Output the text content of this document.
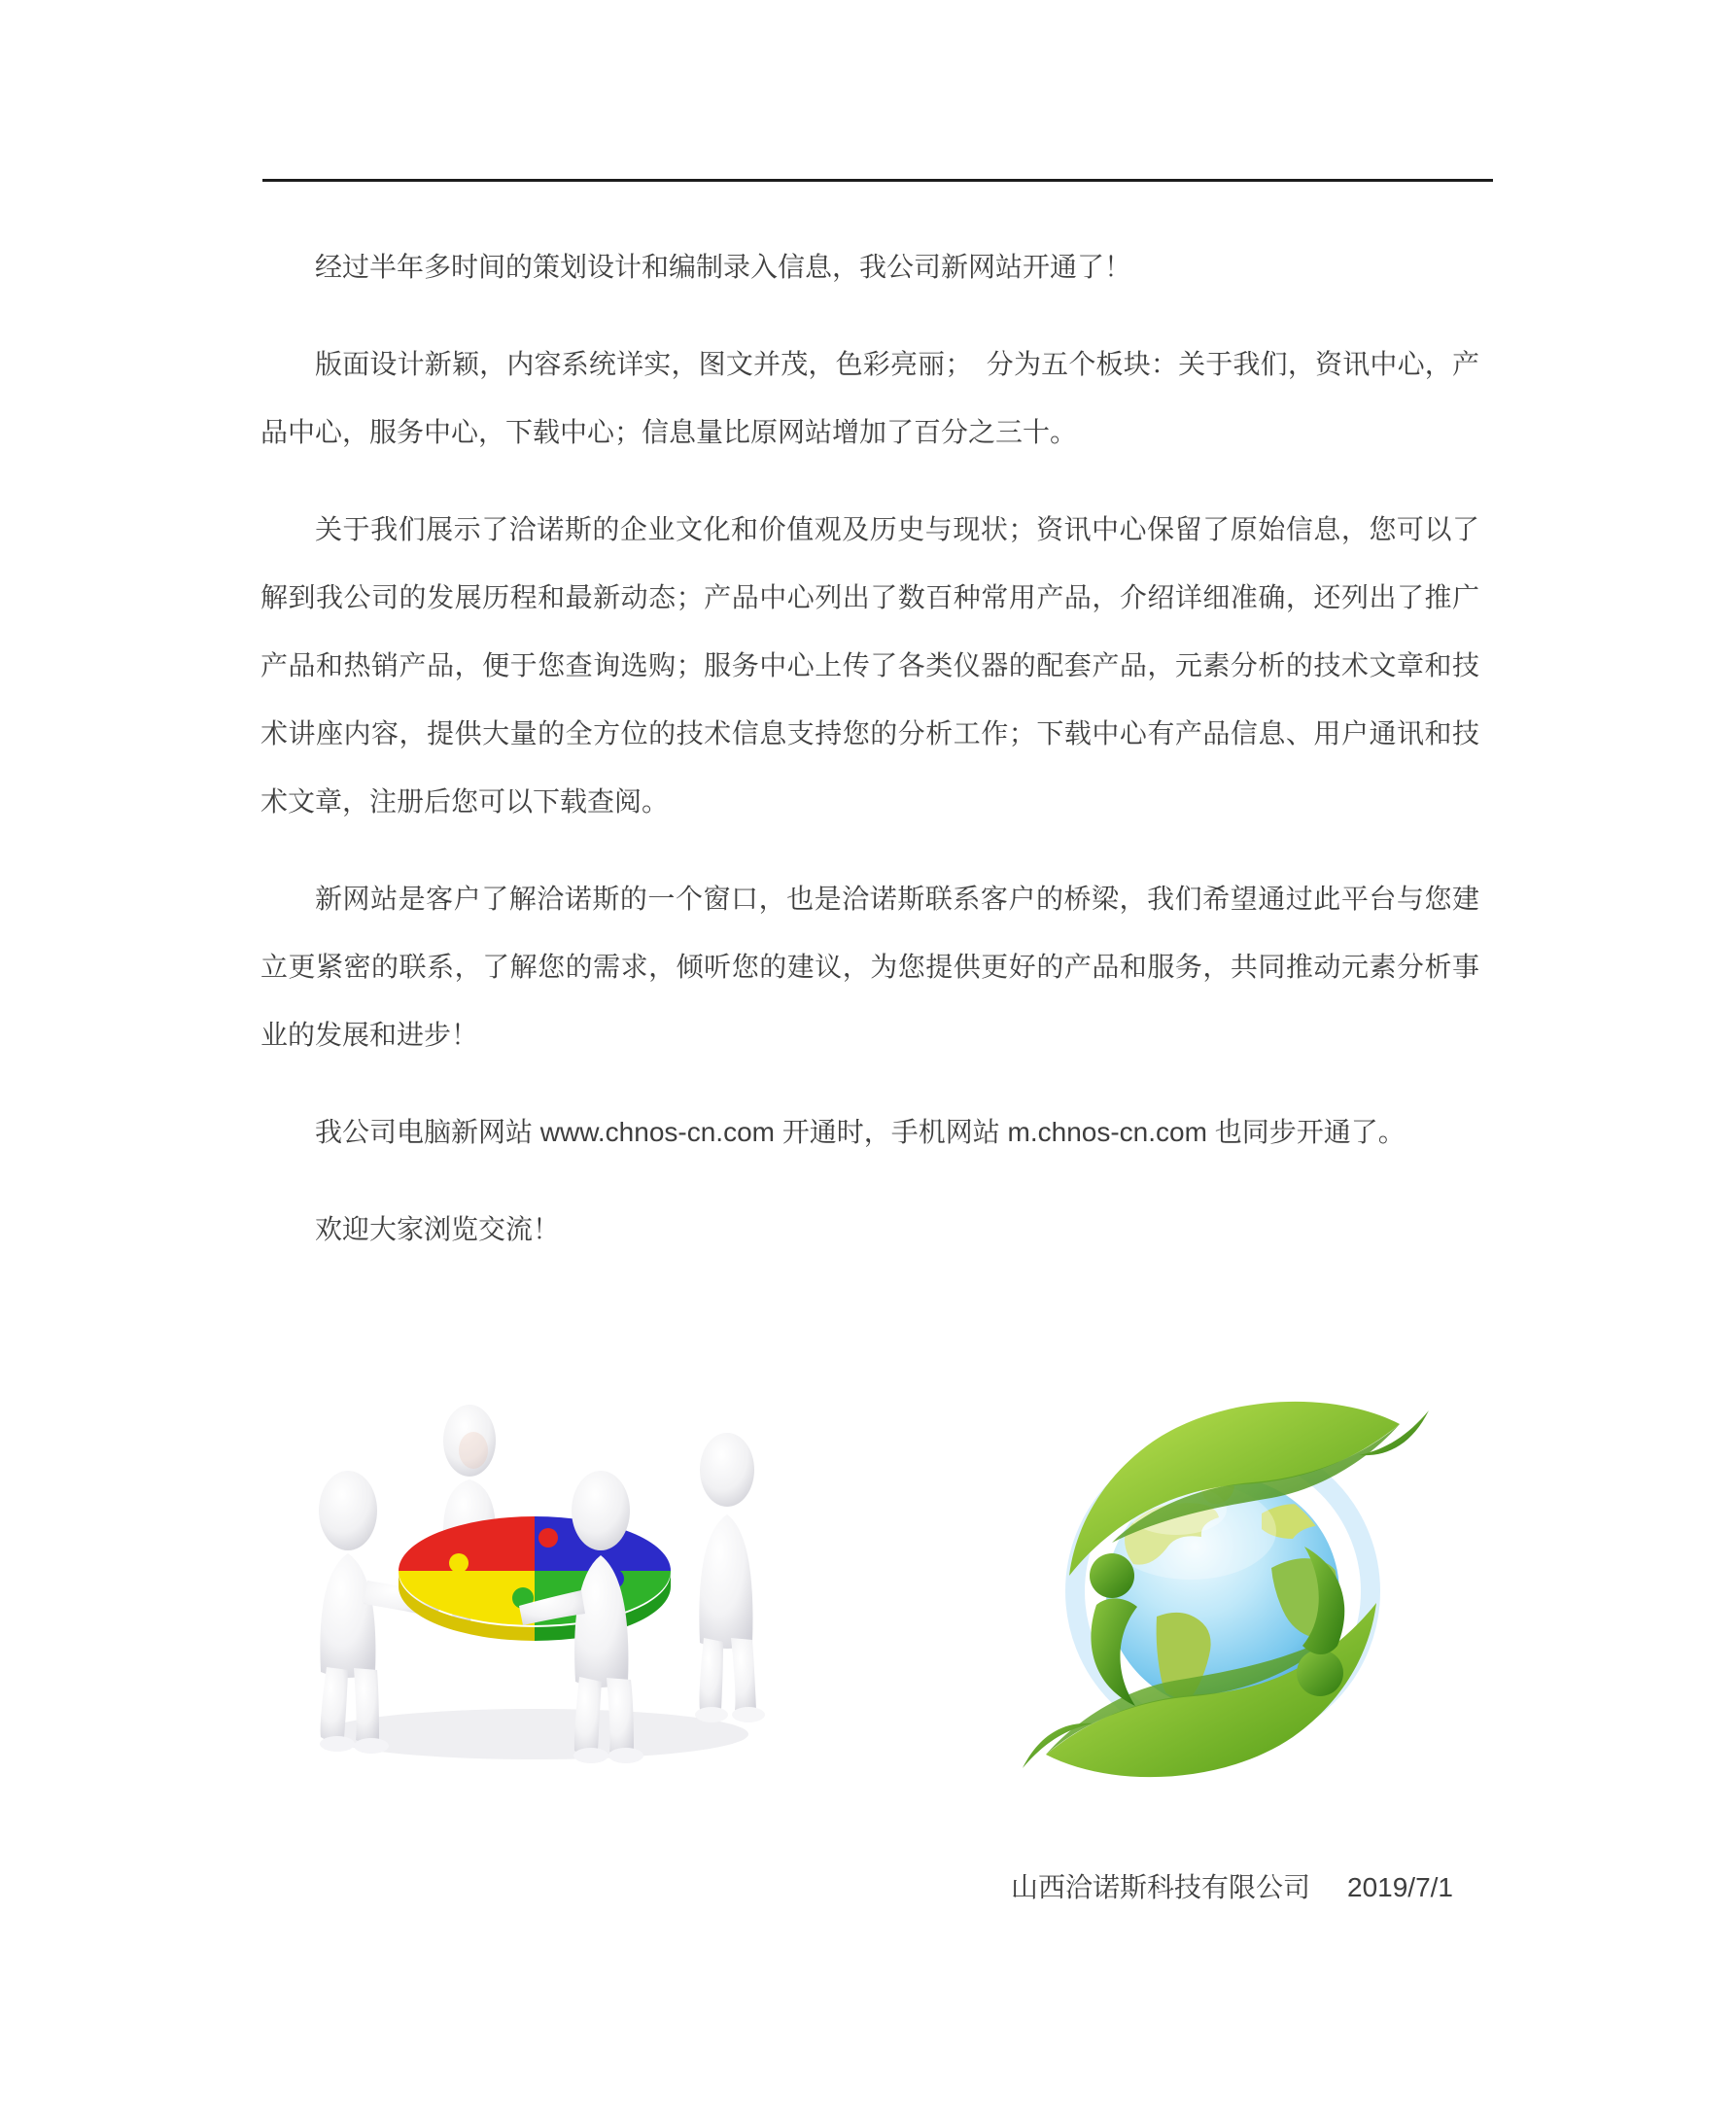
经过半年多时间的策划设计和编制录入信息，我公司新网站开通了！

版面设计新颖，内容系统详实，图文并茂，色彩亮丽；　分为五个板块：关于我们，资讯中心，产品中心，服务中心，下载中心；信息量比原网站增加了百分之三十。

关于我们展示了洽诺斯的企业文化和价值观及历史与现状；资讯中心保留了原始信息，您可以了解到我公司的发展历程和最新动态；产品中心列出了数百种常用产品，介绍详细准确，还列出了推广产品和热销产品，便于您查询选购；服务中心上传了各类仪器的配套产品，元素分析的技术文章和技术讲座内容，提供大量的全方位的技术信息支持您的分析工作；下载中心有产品信息、用户通讯和技术文章，注册后您可以下载查阅。

新网站是客户了解洽诺斯的一个窗口，也是洽诺斯联系客户的桥梁，我们希望通过此平台与您建立更紧密的联系，了解您的需求，倾听您的建议，为您提供更好的产品和服务，共同推动元素分析事业的发展和进步！

我公司电脑新网站 www.chnos-cn.com 开通时，手机网站 m.chnos-cn.com 也同步开通了。

欢迎大家浏览交流！

山西洽诺斯科技有限公司 2019/7/1
